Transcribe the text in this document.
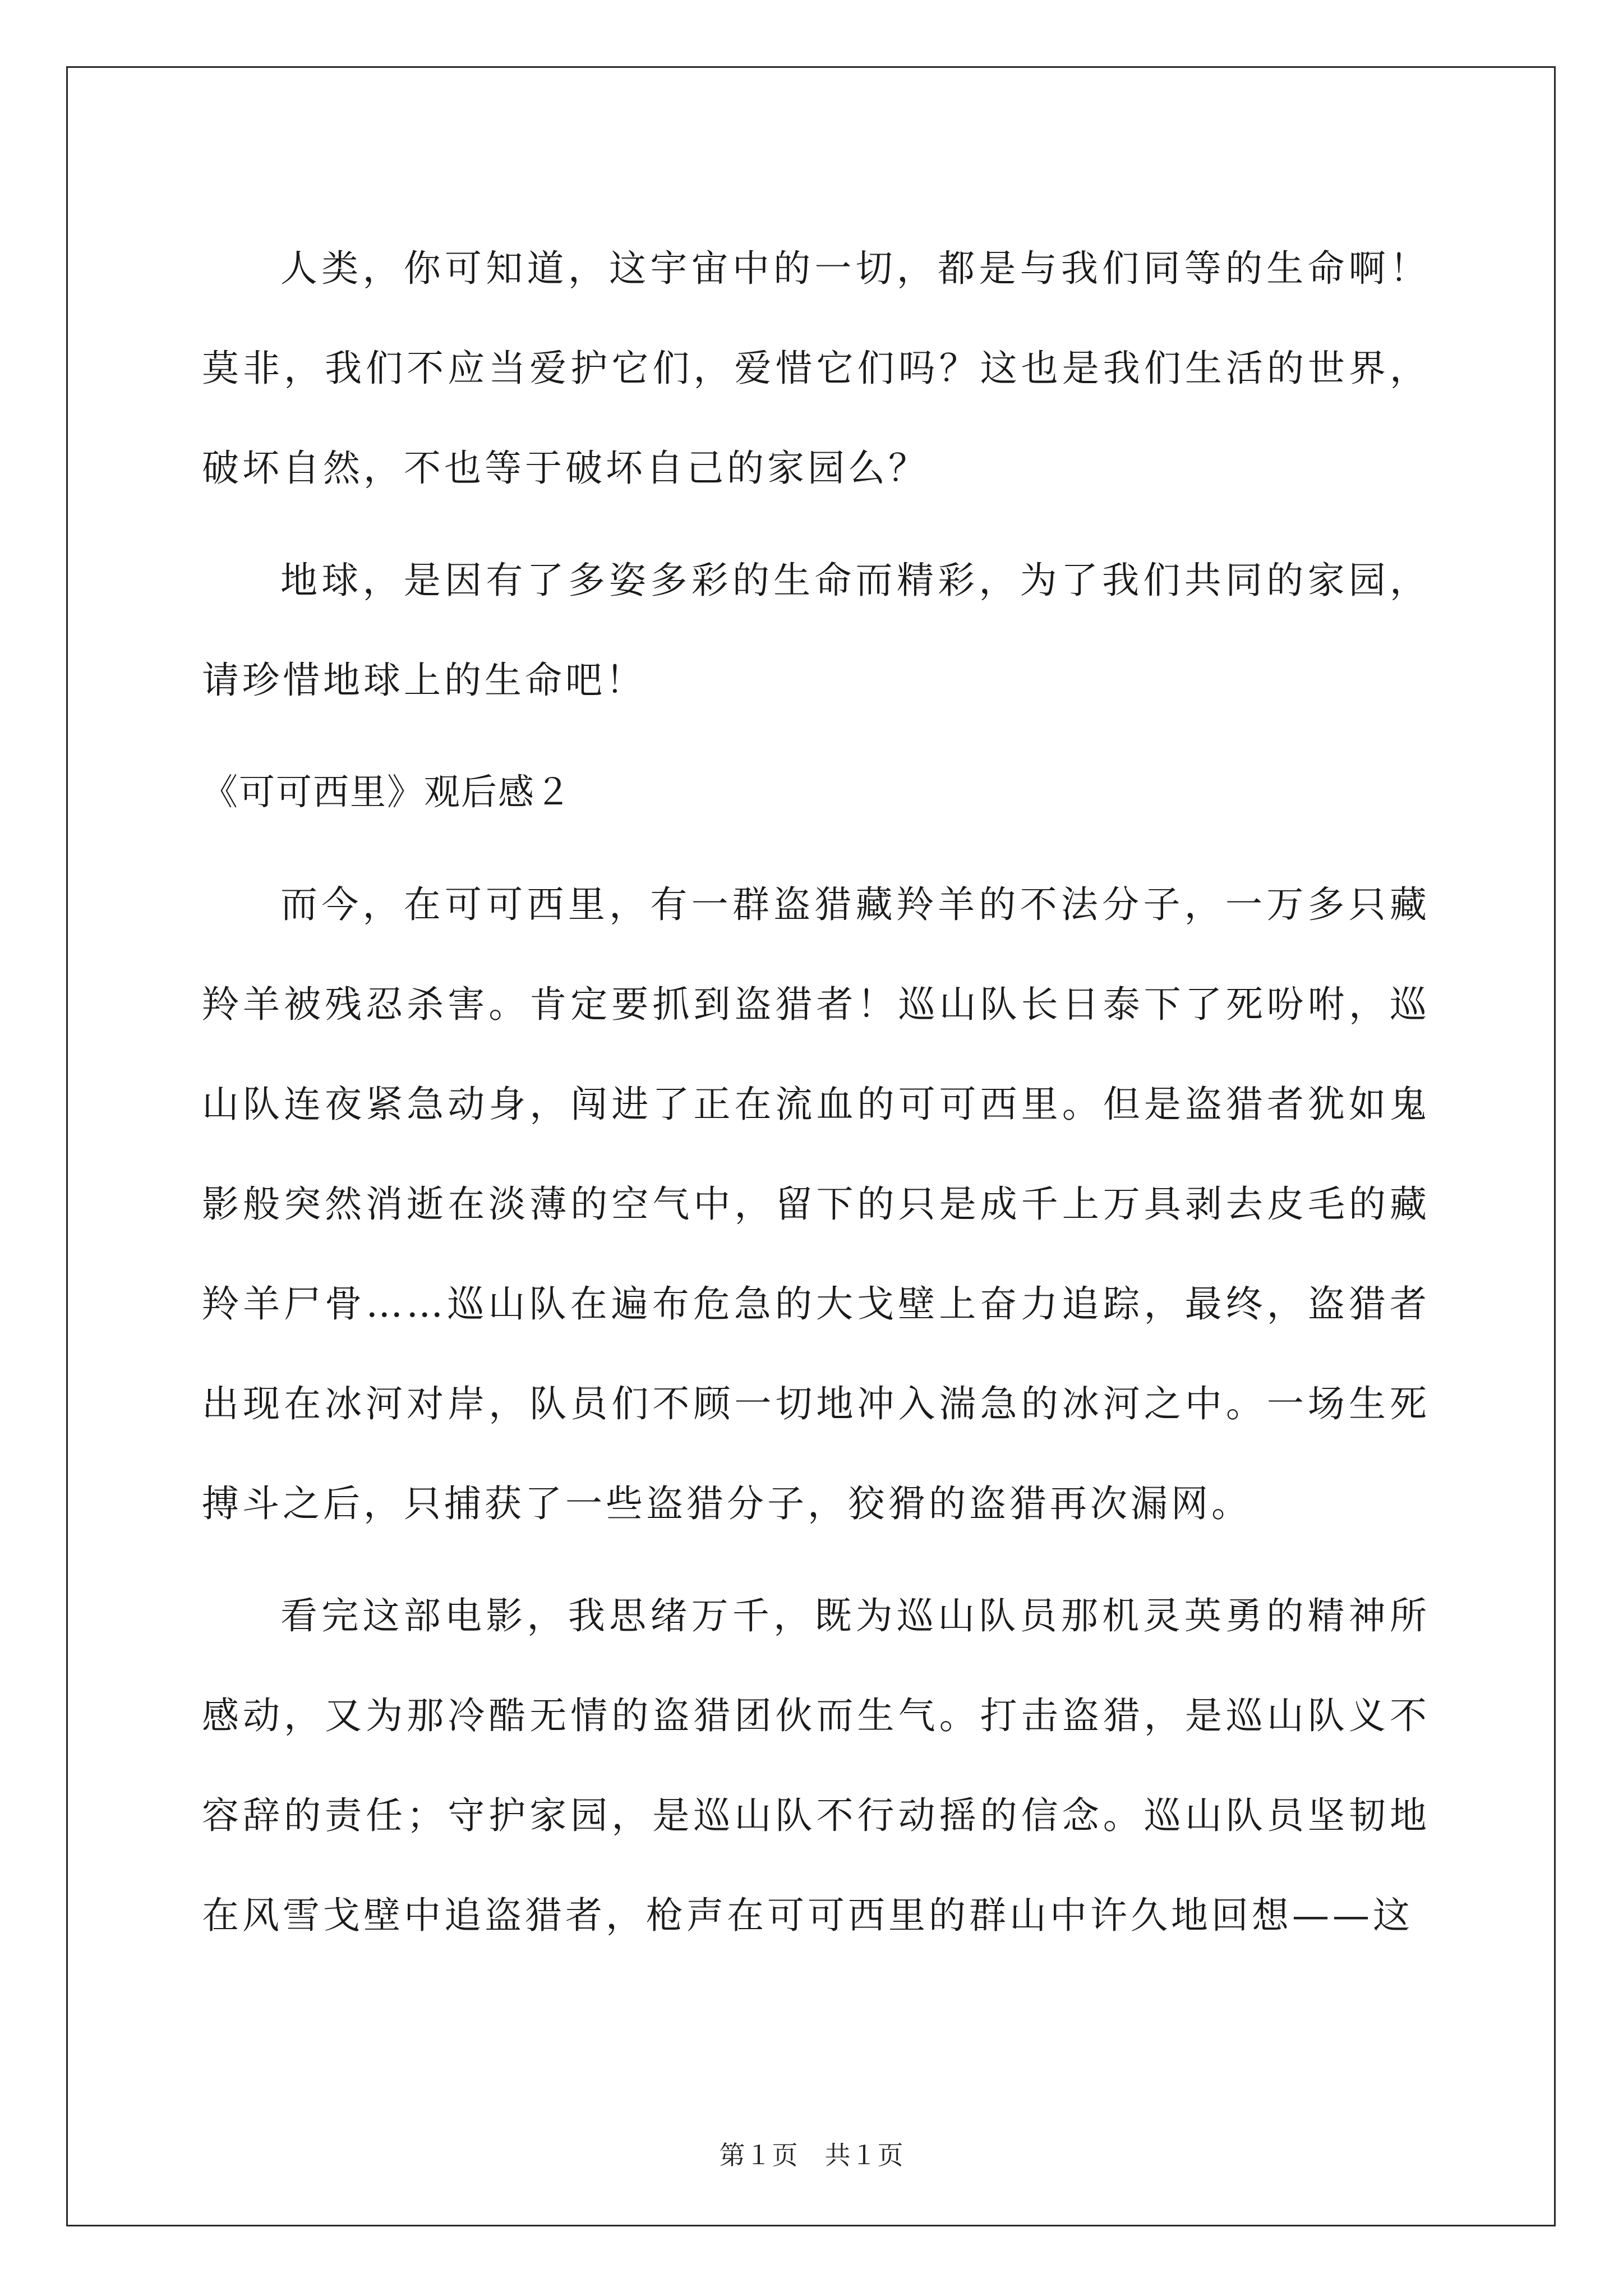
人类，你可知道，这宇宙中的一切，都是与我们同等的生命啊！莫非，我们不应当爱护它们，爱惜它们吗？这也是我们生活的世界，破坏自然，不也等于破坏自己的家园么？

地球，是因有了多姿多彩的生命而精彩，为了我们共同的家园，请珍惜地球上的生命吧！

《可可西里》观后感２

而今，在可可西里，有一群盗猎藏羚羊的不法分子，一万多只藏羚羊被残忍杀害。肯定要抓到盗猎者！巡山队长日泰下了死吩咐，巡山队连夜紧急动身，闯进了正在流血的可可西里。但是盗猎者犹如鬼影般突然消逝在淡薄的空气中，留下的只是成千上万具剥去皮毛的藏羚羊尸骨……巡山队在遍布危急的大戈壁上奋力追踪，最终，盗猎者出现在冰河对岸，队员们不顾一切地冲入湍急的冰河之中。一场生死搏斗之后，只捕获了一些盗猎分子，狡猾的盗猎再次漏网。

看完这部电影，我思绪万千，既为巡山队员那机灵英勇的精神所感动，又为那冷酷无情的盗猎团伙而生气。打击盗猎，是巡山队义不容辞的责任；守护家园，是巡山队不行动摇的信念。巡山队员坚韧地在风雪戈壁中追盗猎者，枪声在可可西里的群山中许久地回想——这

第１页　共１页
